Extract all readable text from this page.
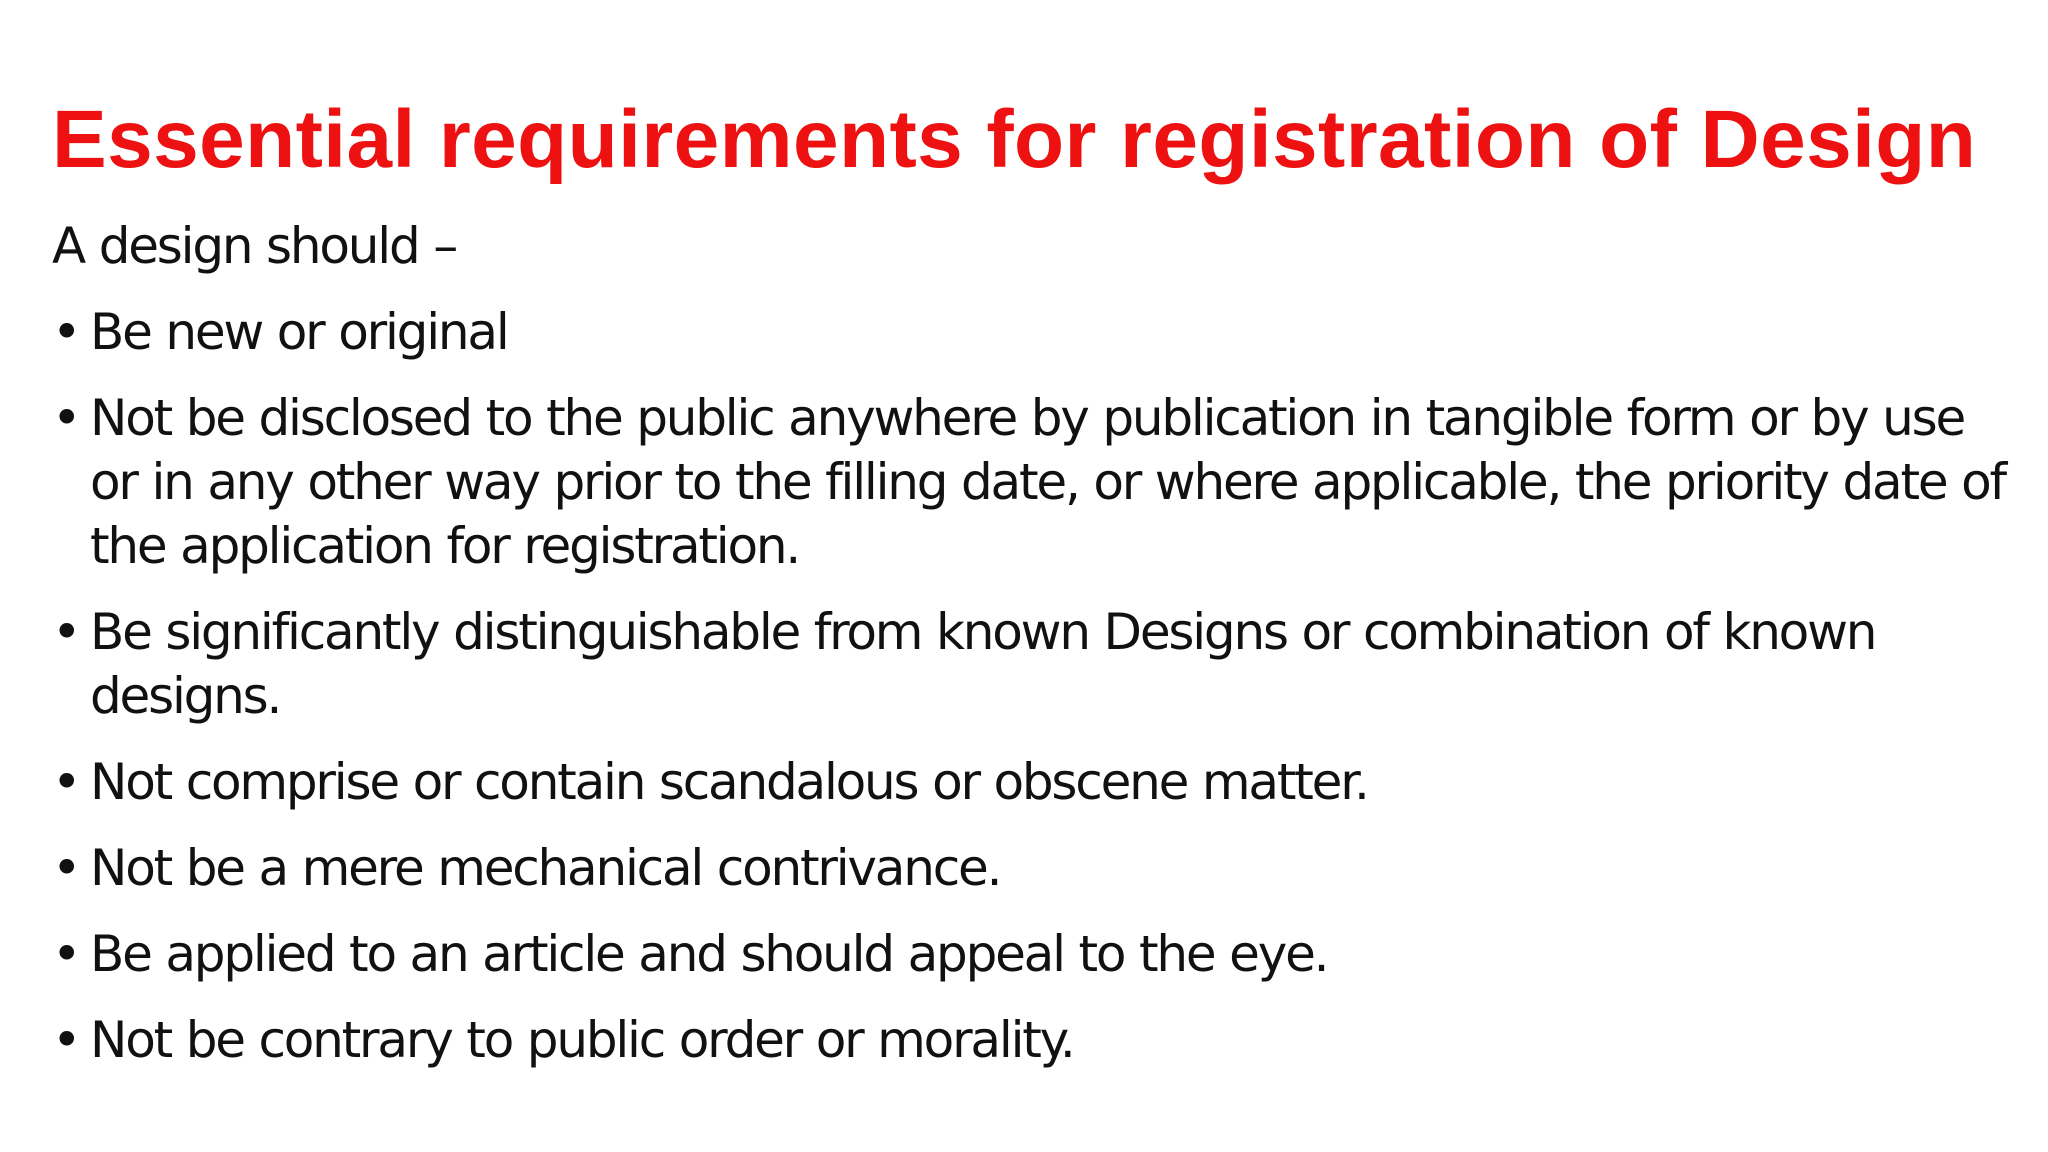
Essential requirements for registration of Design

A design should –

• Be new or original
• Not be disclosed to the public anywhere by publication in tangible form or by use or in any other way prior to the filling date, or where applicable, the priority date of the application for registration.
• Be significantly distinguishable from known Designs or combination of known designs.
• Not comprise or contain scandalous or obscene matter.
• Not be a mere mechanical contrivance.
• Be applied to an article and should appeal to the eye.
• Not be contrary to public order or morality.
